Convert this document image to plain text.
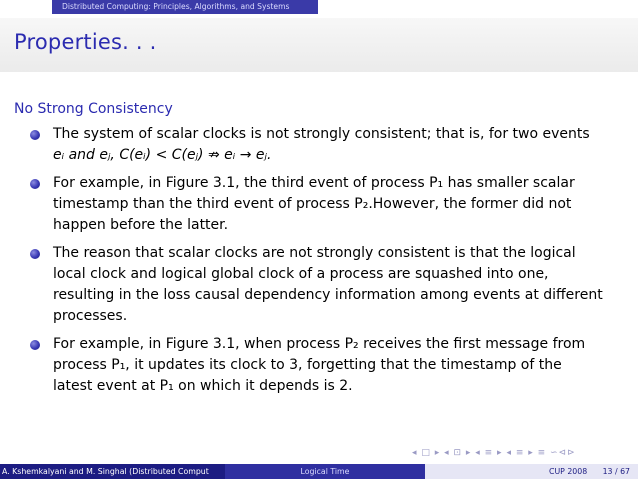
Distributed Computing: Principles, Algorithms, and Systems
Properties. . .
No Strong Consistency
The system of scalar clocks is not strongly consistent; that is, for two events
eᵢ and eⱼ, C(eᵢ) < C(eⱼ) ⇏ eᵢ → eⱼ.
For example, in Figure 3.1, the third event of process P₁ has smaller scalar
timestamp than the third event of process P₂.However, the former did not
happen before the latter.
The reason that scalar clocks are not strongly consistent is that the logical
local clock and logical global clock of a process are squashed into one,
resulting in the loss causal dependency information among events at different
processes.
For example, in Figure 3.1, when process P₂ receives the first message from
process P₁, it updates its clock to 3, forgetting that the timestamp of the
latest event at P₁ on which it depends is 2.
◂ □ ▸ ◂ ⊡ ▸ ◂ ≡ ▸ ◂ ≡ ▸ ≡ ∽⊲⊳
A. Kshemkalyani and M. Singhal (Distributed Comput	Logical Time	CUP 2008 13 / 67
